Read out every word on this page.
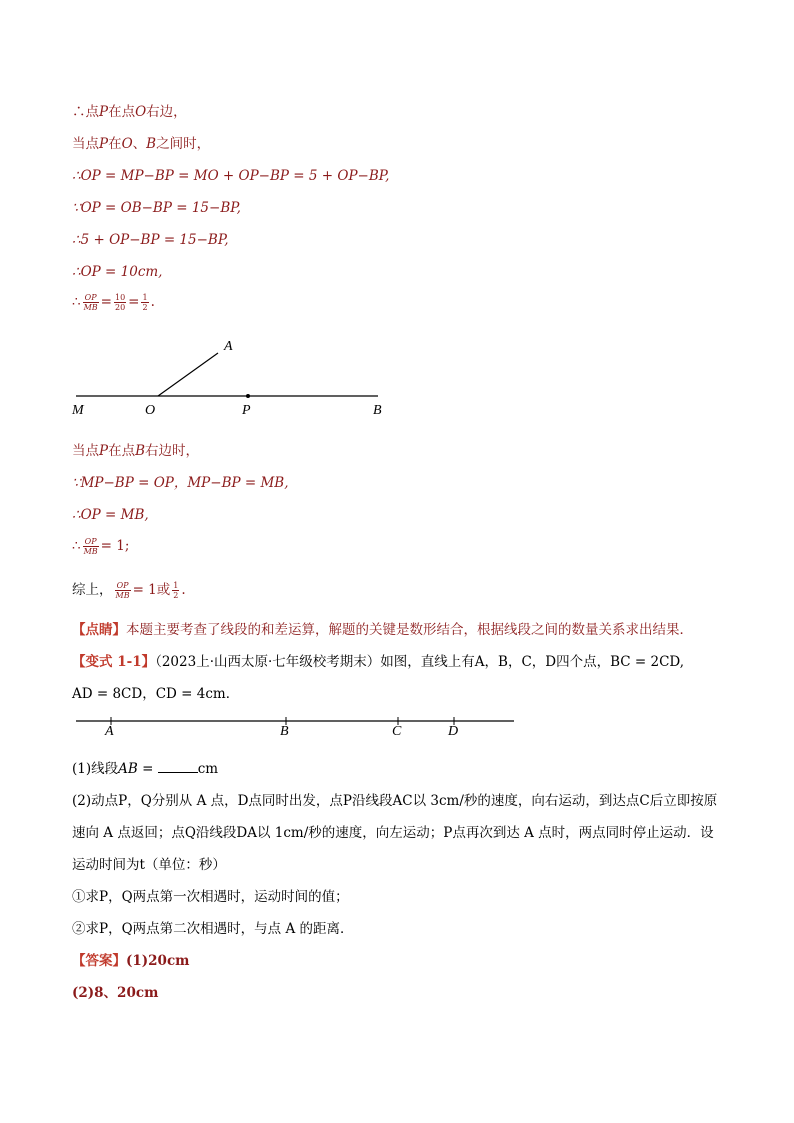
∴点P在点O右边，
当点P在O、B之间时，
∴OP = MP−BP = MO + OP−BP = 5 + OP−BP,
∵OP = OB−BP = 15−BP,
∴5 + OP−BP = 15−BP,
∴OP = 10cm,
∴ $\frac{OP}{MB} = \frac{10}{20} = \frac{1}{2}$ .
A
M	O	P	B
当点P在点B右边时，
∵MP−BP = OP，MP−BP = MB,
∴OP = MB,
∴ $\frac{OP}{MB} = 1$;
综上， $\frac{OP}{MB} = 1$或 $\frac{1}{2}$ .
【点睛】本题主要考查了线段的和差运算，解题的关键是数形结合，根据线段之间的数量关系求出结果．
【变式 1-1】（2023上·山西太原·七年级校考期末）如图，直线上有A，B，C，D四个点，BC = 2CD,
AD = 8CD，CD = 4cm．
A	B	C	D
(1)线段AB =	cm
(2)动点P，Q分别从 A 点，D点同时出发，点P沿线段AC以 3cm/秒的速度，向右运动，到达点C后立即按原
速向 A 点返回；点Q沿线段DA以 1cm/秒的速度，向左运动；P点再次到达 A 点时，两点同时停止运动．设
运动时间为t（单位：秒）
①求P，Q两点第一次相遇时，运动时间的值；
②求P，Q两点第二次相遇时，与点 A 的距离．
【答案】(1)20cm
(2)8、20cm
